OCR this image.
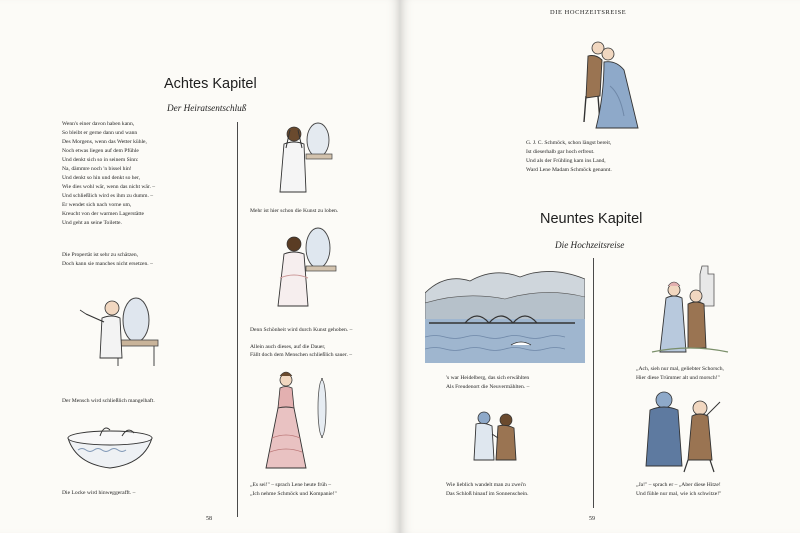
Achtes Kapitel
Der Heiratsentschluß
Wenn's einer davon haben kann,
So bleibt er gerne dann und wann
Des Morgens, wenn das Wetter kühle,
Noch etwas liegen auf dem Pfühle
Und denkt sich so in seinem Sinn:
Na, dämmre noch 'n bissel hin!
Und denkt so hin und denkt so her,
Wie dies wohl wär, wenn das nicht wär. –
Und schließlich wird es ihm zu dumm. –
Er wendet sich nach vorne um,
Kreucht von der warmen Lagerstätte
Und geht an seine Toilette.
Die Propertät ist sehr zu schätzen,
Doch kann sie manches nicht ersetzen. –
Der Mensch wird schließlich mangelhaft.
Die Locke wird hinweggerafft. –
Mehr ist hier schon die Kunst zu loben.
Denn Schönheit wird durch Kunst gehoben. –
Allein auch dieses, auf die Dauer,
Fällt doch dem Menschen schließlich sauer. –
„Es sei!" – sprach Lene heute früh –
„Ich nehme Schmöck und Kompanie!"
58
DIE HOCHZEITSREISE
G. J. C. Schmöck, schon längst bereit,
Ist dieserhalb gar hoch erfreut.
Und als der Frühling kam ins Land,
Ward Lene Madam Schmöck genannt.
Neuntes Kapitel
Die Hochzeitsreise
's war Heidelberg, das sich erwählten
Als Freudenort die Neuvermählten. –
Wie lieblich wandelt man zu zwei'n
Das Schloß hinauf im Sonnenschein.
„Ach, sieh nur mal, geliebter Schorsch,
Hier diese Trümmer alt und morsch!"
„Ja!" – sprach er – „Aber diese Hitze!
Und fühle nur mal, wie ich schwitze!"
59
